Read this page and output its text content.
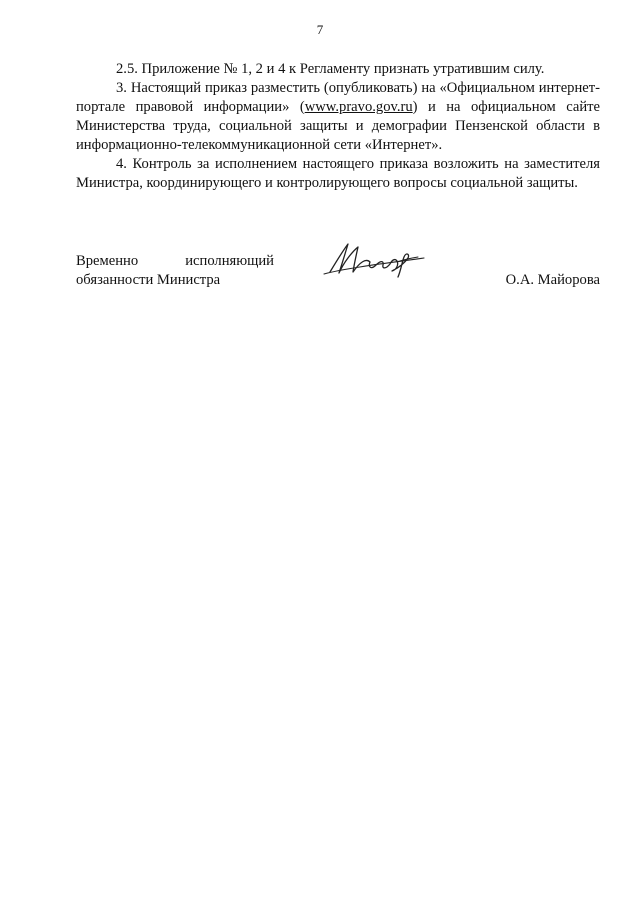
7

2.5. Приложение № 1, 2 и 4 к Регламенту признать утратившим силу.

3. Настоящий приказ разместить (опубликовать) на «Официальном интернет-портале правовой информации» (www.pravo.gov.ru) и на официальном сайте Министерства труда, социальной защиты и демографии Пензенской области в информационно-телекоммуникационной сети «Интернет».

4. Контроль за исполнением настоящего приказа возложить на заместителя Министра, координирующего и контролирующего вопросы социальной защиты.

Временно исполняющий
обязанности Министра	О.А. Майорова
